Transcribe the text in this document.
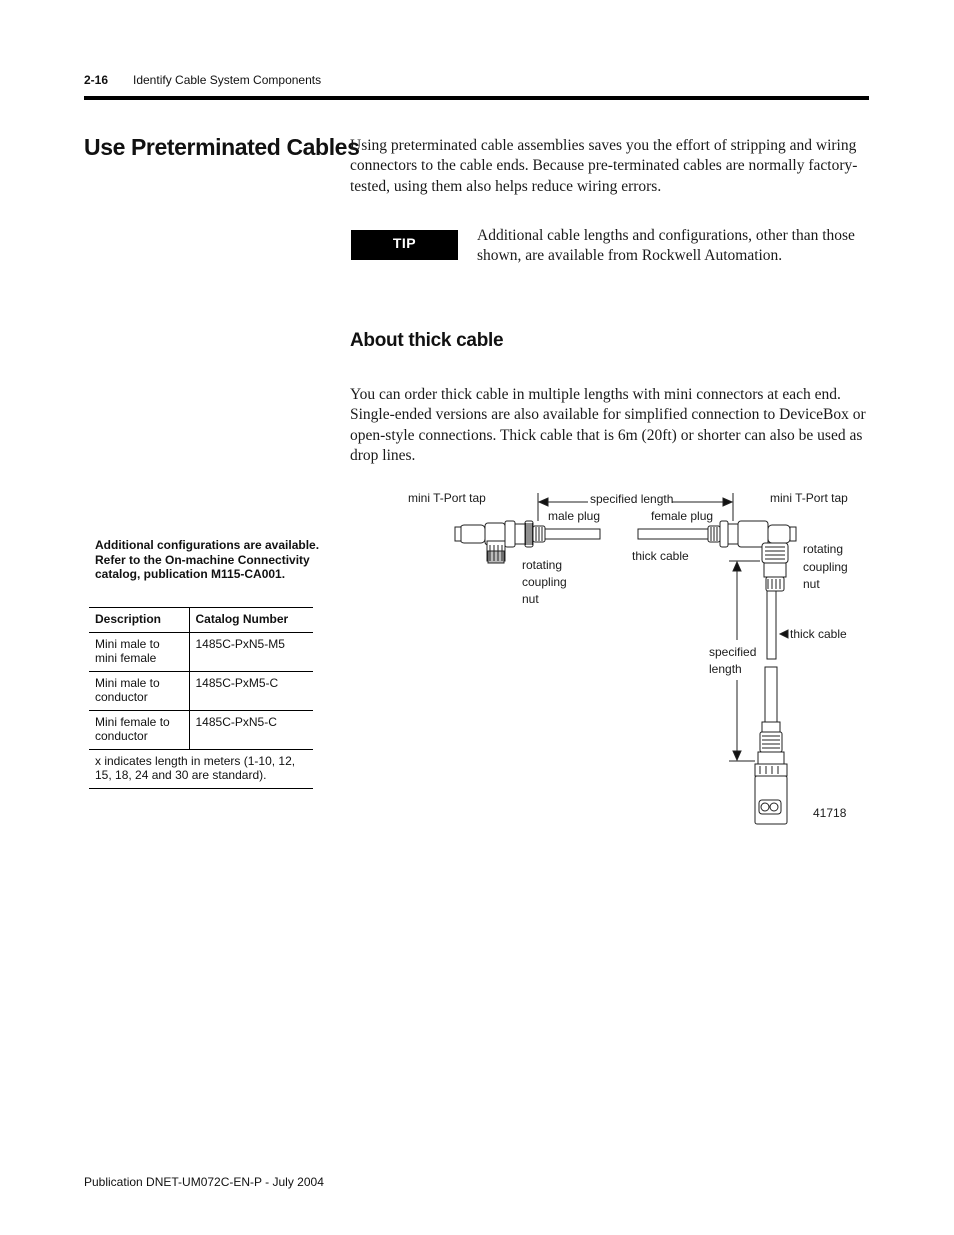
2-16 Identify Cable System Components
Use Preterminated Cables
Using preterminated cable assemblies saves you the effort of stripping and wiring connectors to the cable ends. Because pre-terminated cables are normally factory-tested, using them also helps reduce wiring errors.
TIP	Additional cable lengths and configurations, other than those shown, are available from Rockwell Automation.
About thick cable
You can order thick cable in multiple lengths with mini connectors at each end. Single-ended versions are also available for simplified connection to DeviceBox or open-style connections. Thick cable that is 6m (20ft) or shorter can also be used as drop lines.
Additional configurations are available. Refer to the On-machine Connectivity catalog, publication M115-CA001.
Description	Catalog Number
Mini male to mini female	1485C-PxN5-M5
Mini male to conductor	1485C-PxM5-C
Mini female to conductor	1485C-PxN5-C
x indicates length in meters (1-10, 12, 15, 18, 24 and 30 are standard).	
mini T-Port tap	mini T-Port tap
specified length
male plug	female plug
thick cable
rotating
coupling
nut
rotating
coupling
nut
thick cable
specified
length
41718
Publication DNET-UM072C-EN-P - July 2004
